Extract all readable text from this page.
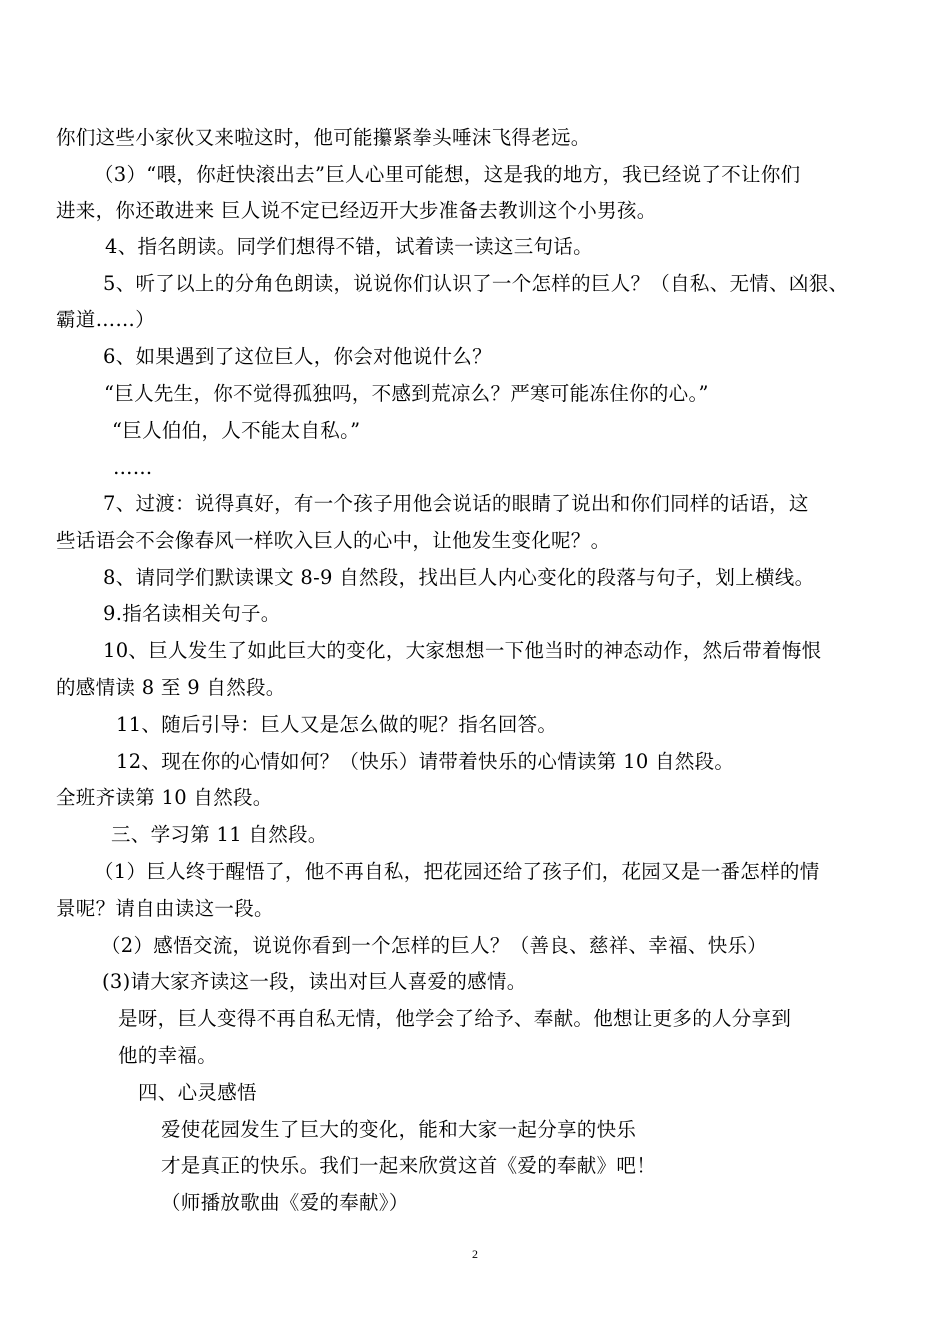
你们这些小家伙又来啦这时，他可能攥紧拳头唾沫飞得老远。
（3）“喂，你赶快滚出去”巨人心里可能想，这是我的地方，我已经说了不让你们
进来，你还敢进来 巨人说不定已经迈开大步准备去教训这个小男孩。
4、指名朗读。同学们想得不错，试着读一读这三句话。
5、听了以上的分角色朗读，说说你们认识了一个怎样的巨人？（自私、无情、凶狠、
霸道……）
6、如果遇到了这位巨人，你会对他说什么？
“巨人先生，你不觉得孤独吗，不感到荒凉么？严寒可能冻住你的心。”
“巨人伯伯，人不能太自私。”
……
7、过渡：说得真好，有一个孩子用他会说话的眼睛了说出和你们同样的话语，这
些话语会不会像春风一样吹入巨人的心中，让他发生变化呢？。
8、请同学们默读课文 8-9 自然段，找出巨人内心变化的段落与句子，划上横线。
9.指名读相关句子。
10、巨人发生了如此巨大的变化，大家想想一下他当时的神态动作，然后带着悔恨
的感情读 8 至 9 自然段。
11、随后引导：巨人又是怎么做的呢？指名回答。
12、现在你的心情如何？（快乐）请带着快乐的心情读第 10 自然段。
全班齐读第 10 自然段。
三、学习第 11 自然段。
（1）巨人终于醒悟了，他不再自私，把花园还给了孩子们，花园又是一番怎样的情
景呢？请自由读这一段。
（2）感悟交流，说说你看到一个怎样的巨人？（善良、慈祥、幸福、快乐）
(3)请大家齐读这一段，读出对巨人喜爱的感情。
是呀，巨人变得不再自私无情，他学会了给予、奉献。他想让更多的人分享到
他的幸福。
四、心灵感悟
爱使花园发生了巨大的变化，能和大家一起分享的快乐
才是真正的快乐。我们一起来欣赏这首《爱的奉献》吧！
（师播放歌曲《爱的奉献》）
2
